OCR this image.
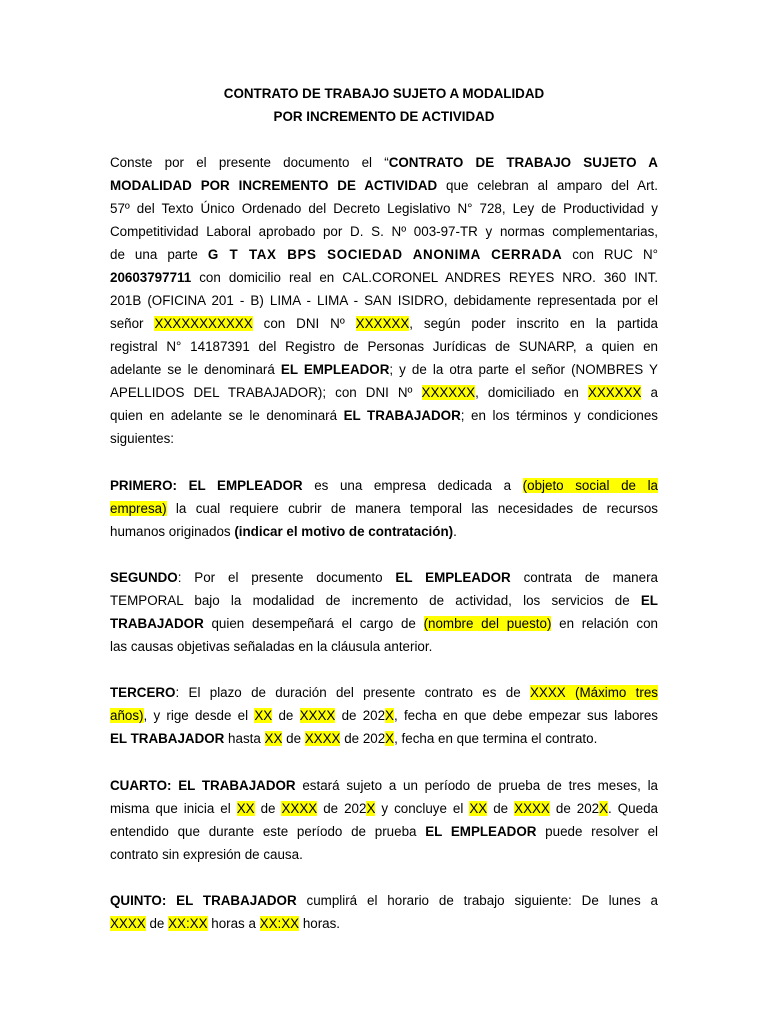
CONTRATO DE TRABAJO SUJETO A MODALIDAD

POR INCREMENTO DE ACTIVIDAD

Conste por el presente documento el “CONTRATO DE TRABAJO SUJETO A
MODALIDAD POR INCREMENTO DE ACTIVIDAD que celebran al amparo del Art.
57º del Texto Único Ordenado del Decreto Legislativo N° 728, Ley de Productividad y
Competitividad Laboral aprobado por D. S. Nº 003-97-TR y normas complementarias,
de una parte G T TAX BPS SOCIEDAD ANONIMA CERRADA con RUC N°
20603797711 con domicilio real en CAL.CORONEL ANDRES REYES NRO. 360 INT.
201B (OFICINA 201 - B) LIMA - LIMA - SAN ISIDRO, debidamente representada por el
señor XXXXXXXXXXX con DNI Nº XXXXXX, según poder inscrito en la partida
registral N° 14187391 del Registro de Personas Jurídicas de SUNARP, a quien en
adelante se le denominará EL EMPLEADOR; y de la otra parte el señor (NOMBRES Y
APELLIDOS DEL TRABAJADOR); con DNI Nº XXXXXX, domiciliado en XXXXXX a
quien en adelante se le denominará EL TRABAJADOR; en los términos y condiciones
siguientes:
PRIMERO: EL EMPLEADOR es una empresa dedicada a (objeto social de la
empresa) la cual requiere cubrir de manera temporal las necesidades de recursos
humanos originados (indicar el motivo de contratación).
SEGUNDO: Por el presente documento EL EMPLEADOR contrata de manera
TEMPORAL bajo la modalidad de incremento de actividad, los servicios de EL
TRABAJADOR quien desempeñará el cargo de (nombre del puesto) en relación con
las causas objetivas señaladas en la cláusula anterior.
TERCERO: El plazo de duración del presente contrato es de XXXX (Máximo tres
años), y rige desde el XX de XXXX de 202X, fecha en que debe empezar sus labores
EL TRABAJADOR hasta XX de XXXX de 202X, fecha en que termina el contrato.
CUARTO: EL TRABAJADOR estará sujeto a un período de prueba de tres meses, la
misma que inicia el XX de XXXX de 202X y concluye el XX de XXXX de 202X. Queda
entendido que durante este período de prueba EL EMPLEADOR puede resolver el
contrato sin expresión de causa.
QUINTO: EL TRABAJADOR cumplirá el horario de trabajo siguiente: De lunes a
XXXX de XX:XX horas a XX:XX horas.
